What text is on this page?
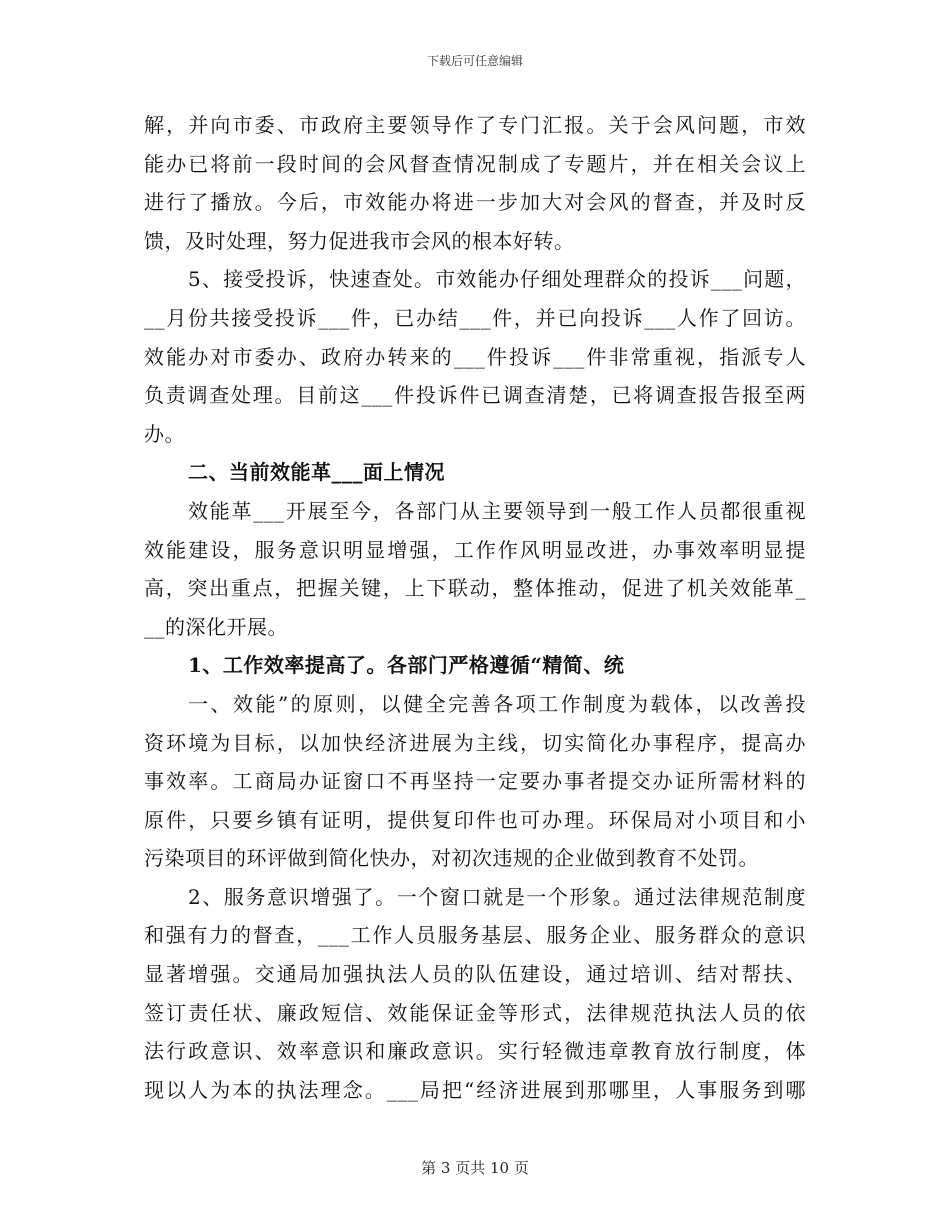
下载后可任意编辑
解，并向市委、市政府主要领导作了专门汇报。关于会风问题，市效
能办已将前一段时间的会风督查情况制成了专题片，并在相关会议上
进行了播放。今后，市效能办将进一步加大对会风的督查，并及时反
馈，及时处理，努力促进我市会风的根本好转。
5、接受投诉，快速查处。市效能办仔细处理群众的投诉___问题，
__月份共接受投诉___件，已办结___件，并已向投诉___人作了回访。
效能办对市委办、政府办转来的___件投诉___件非常重视，指派专人
负责调查处理。目前这___件投诉件已调查清楚，已将调查报告报至两
办。
二、当前效能革___面上情况
效能革___开展至今，各部门从主要领导到一般工作人员都很重视
效能建设，服务意识明显增强，工作作风明显改进，办事效率明显提
高，突出重点，把握关键，上下联动，整体推动，促进了机关效能革_
__的深化开展。
1、工作效率提高了。各部门严格遵循“精简、统
一、效能”的原则，以健全完善各项工作制度为载体，以改善投
资环境为目标，以加快经济进展为主线，切实简化办事程序，提高办
事效率。工商局办证窗口不再坚持一定要办事者提交办证所需材料的
原件，只要乡镇有证明，提供复印件也可办理。环保局对小项目和小
污染项目的环评做到简化快办，对初次违规的企业做到教育不处罚。
2、服务意识增强了。一个窗口就是一个形象。通过法律规范制度
和强有力的督查，___工作人员服务基层、服务企业、服务群众的意识
显著增强。交通局加强执法人员的队伍建设，通过培训、结对帮扶、
签订责任状、廉政短信、效能保证金等形式，法律规范执法人员的依
法行政意识、效率意识和廉政意识。实行轻微违章教育放行制度，体
现以人为本的执法理念。___局把“经济进展到那哪里，人事服务到哪
第 3 页共 10 页
